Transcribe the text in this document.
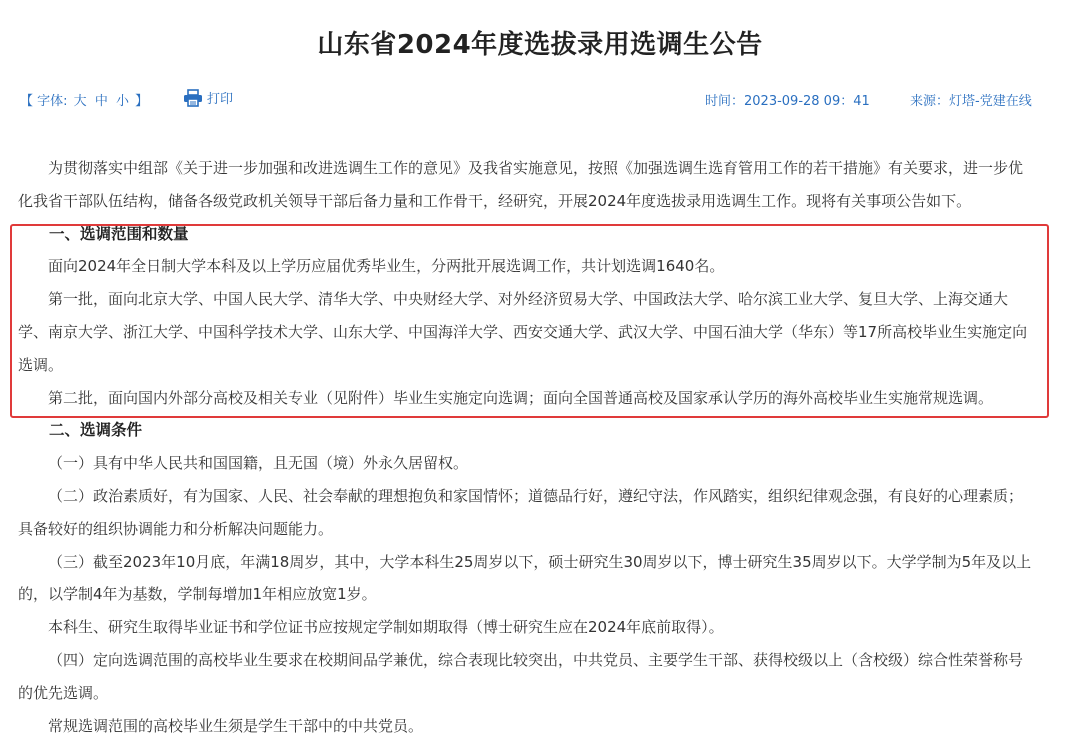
山东省2024年度选拔录用选调生公告
【 字体: 大 中 小 】	打印	时间：2023-09-28 09：41	来源：灯塔-党建在线

为贯彻落实中组部《关于进一步加强和改进选调生工作的意见》及我省实施意见，按照《加强选调生选育管用工作的若干措施》有关要求，进一步优化我省干部队伍结构，储备各级党政机关领导干部后备力量和工作骨干，经研究，开展2024年度选拔录用选调生工作。现将有关事项公告如下。

一、选调范围和数量

面向2024年全日制大学本科及以上学历应届优秀毕业生，分两批开展选调工作，共计划选调1640名。

第一批，面向北京大学、中国人民大学、清华大学、中央财经大学、对外经济贸易大学、中国政法大学、哈尔滨工业大学、复旦大学、上海交通大学、南京大学、浙江大学、中国科学技术大学、山东大学、中国海洋大学、西安交通大学、武汉大学、中国石油大学（华东）等17所高校毕业生实施定向选调。

第二批，面向国内外部分高校及相关专业（见附件）毕业生实施定向选调；面向全国普通高校及国家承认学历的海外高校毕业生实施常规选调。

二、选调条件

（一）具有中华人民共和国国籍，且无国（境）外永久居留权。

（二）政治素质好，有为国家、人民、社会奉献的理想抱负和家国情怀；道德品行好，遵纪守法，作风踏实，组织纪律观念强，有良好的心理素质；具备较好的组织协调能力和分析解决问题能力。

（三）截至2023年10月底，年满18周岁，其中，大学本科生25周岁以下，硕士研究生30周岁以下，博士研究生35周岁以下。大学学制为5年及以上的，以学制4年为基数，学制每增加1年相应放宽1岁。

本科生、研究生取得毕业证书和学位证书应按规定学制如期取得（博士研究生应在2024年底前取得）。

（四）定向选调范围的高校毕业生要求在校期间品学兼优，综合表现比较突出，中共党员、主要学生干部、获得校级以上（含校级）综合性荣誉称号的优先选调。

常规选调范围的高校毕业生须是学生干部中的中共党员。
